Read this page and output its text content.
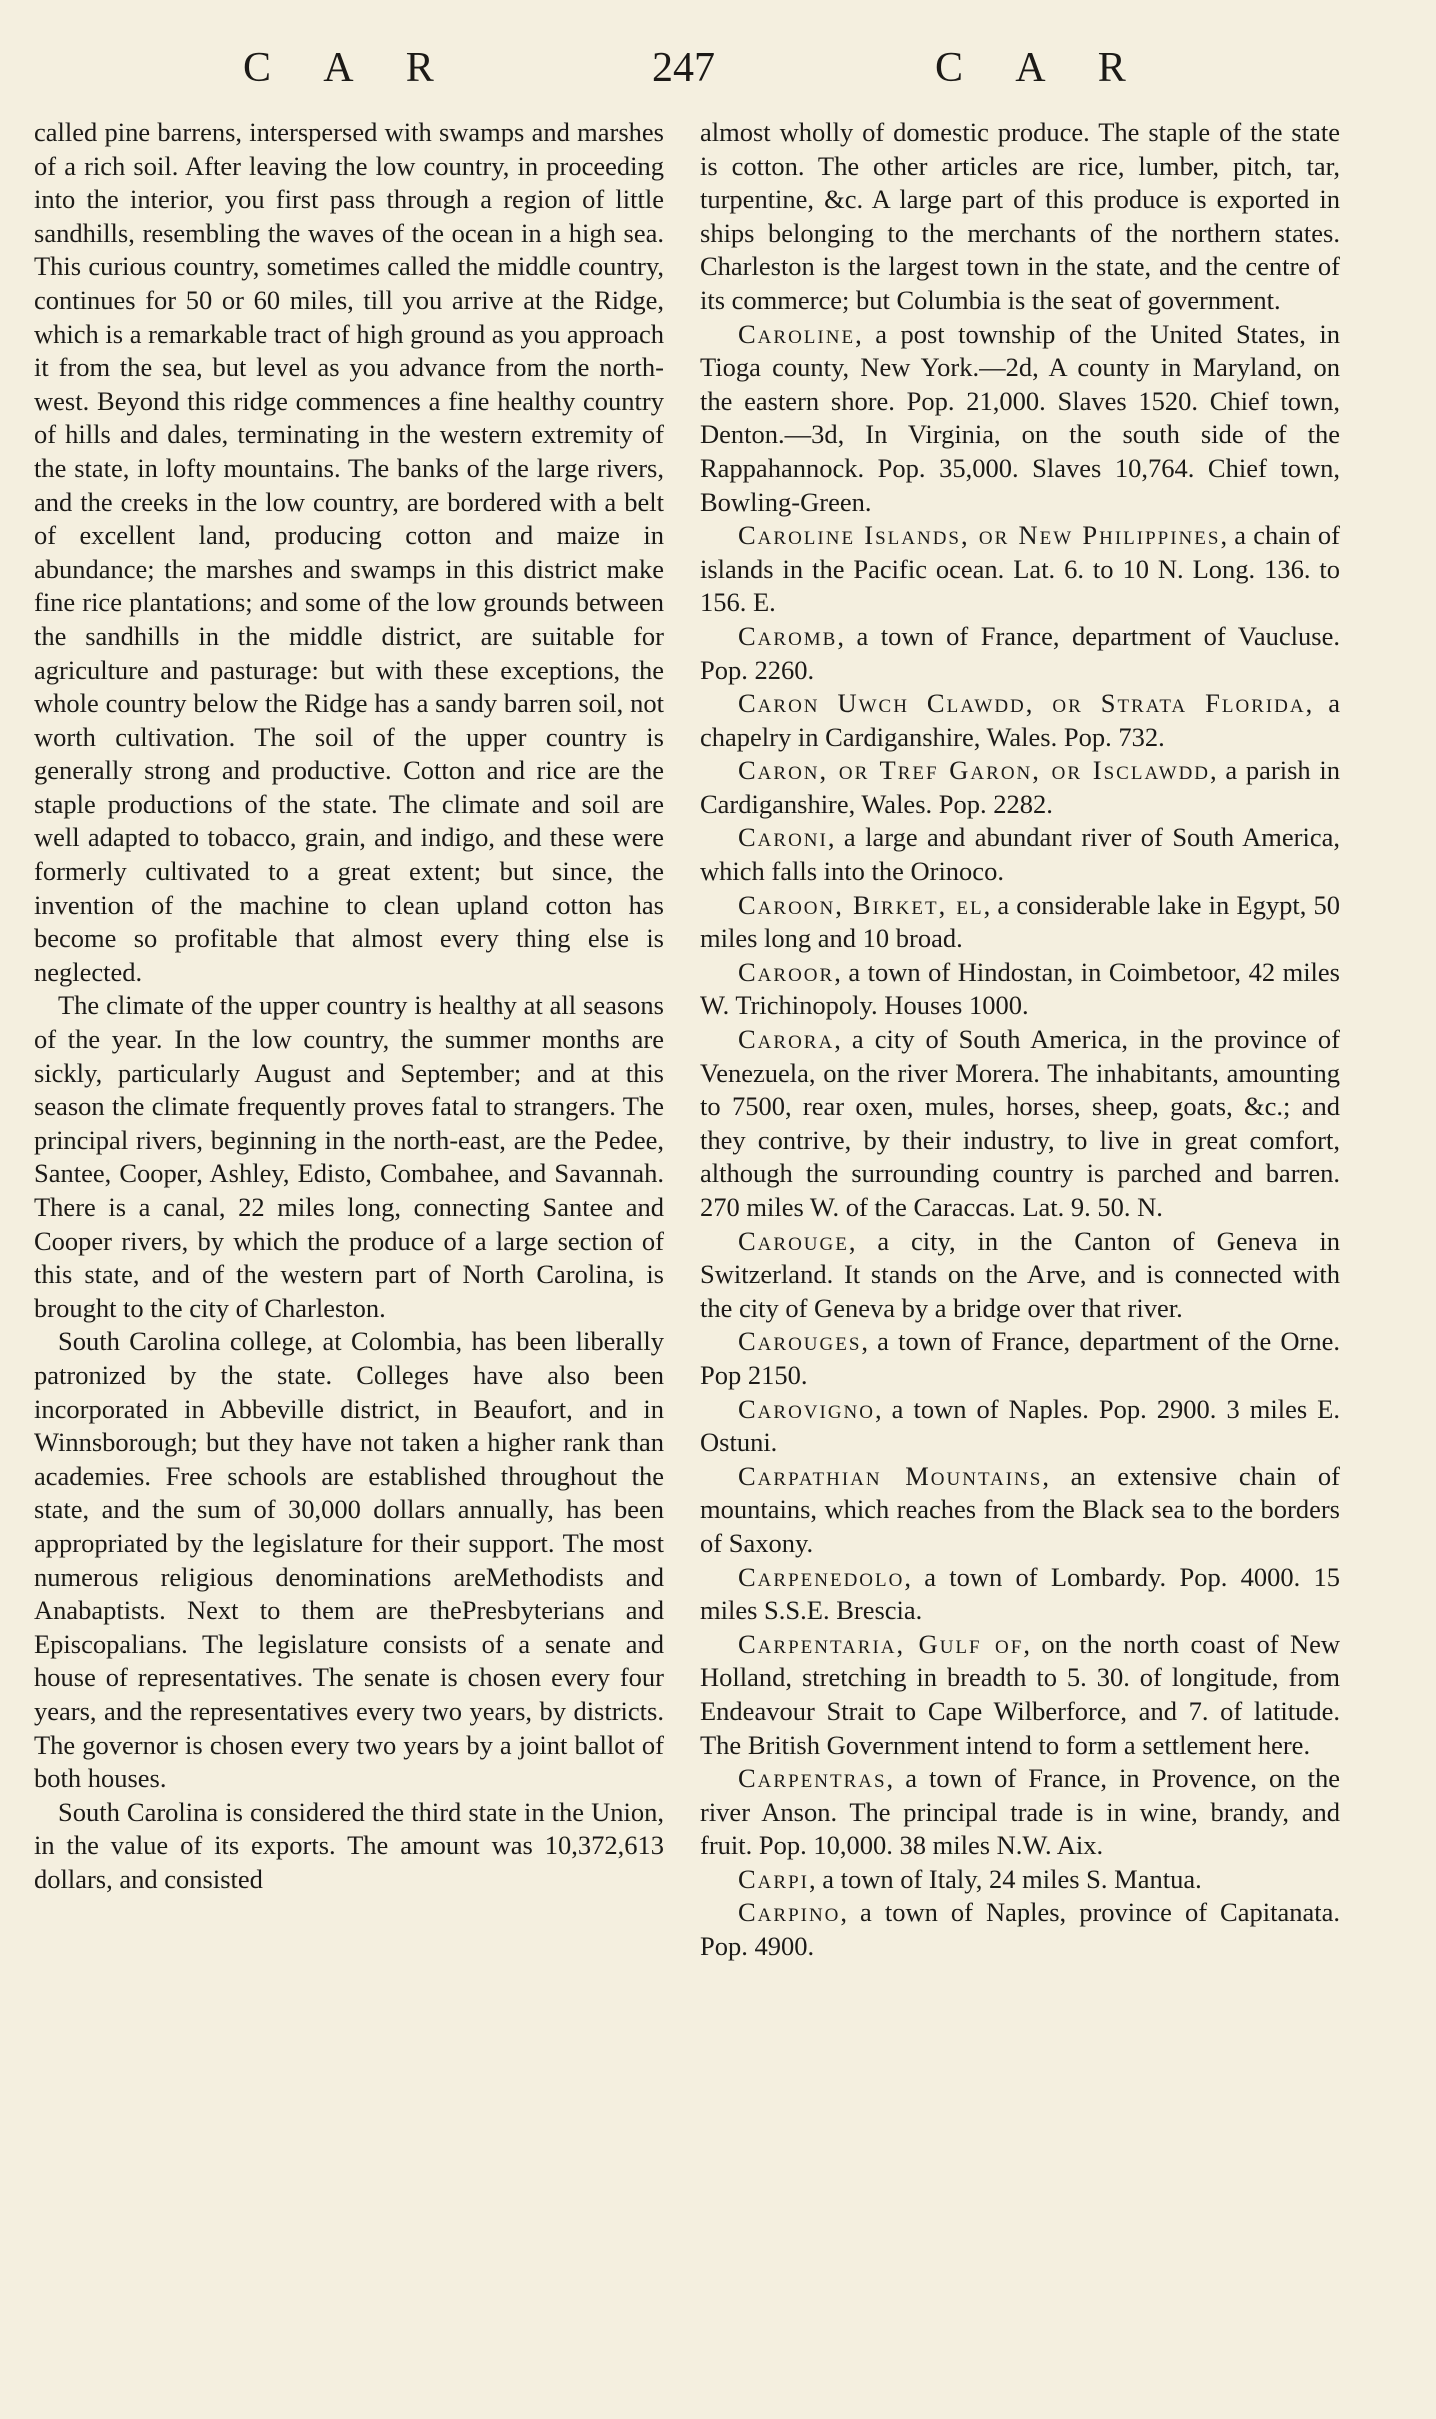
C A R	247	C A R

called pine barrens, interspersed with swamps and marshes of a rich soil. After leaving the low country, in proceeding into the interior, you first pass through a region of little sandhills, resembling the waves of the ocean in a high sea. This curious country, sometimes called the middle country, continues for 50 or 60 miles, till you arrive at the Ridge, which is a remarkable tract of high ground as you approach it from the sea, but level as you advance from the north-west. Beyond this ridge commences a fine healthy country of hills and dales, terminating in the western extremity of the state, in lofty mountains. The banks of the large rivers, and the creeks in the low country, are bordered with a belt of excellent land, producing cotton and maize in abundance; the marshes and swamps in this district make fine rice plantations; and some of the low grounds between the sandhills in the middle district, are suitable for agriculture and pasturage: but with these exceptions, the whole country below the Ridge has a sandy barren soil, not worth cultivation. The soil of the upper country is generally strong and productive. Cotton and rice are the staple productions of the state. The climate and soil are well adapted to tobacco, grain, and indigo, and these were formerly cultivated to a great extent; but since, the invention of the machine to clean upland cotton has become so profitable that almost every thing else is neglected.

The climate of the upper country is healthy at all seasons of the year. In the low country, the summer months are sickly, particularly August and September; and at this season the climate frequently proves fatal to strangers. The principal rivers, beginning in the north-east, are the Pedee, Santee, Cooper, Ashley, Edisto, Combahee, and Savannah. There is a canal, 22 miles long, connecting Santee and Cooper rivers, by which the produce of a large section of this state, and of the western part of North Carolina, is brought to the city of Charleston.

South Carolina college, at Colombia, has been liberally patronized by the state. Colleges have also been incorporated in Abbeville district, in Beaufort, and in Winnsborough; but they have not taken a higher rank than academies. Free schools are established throughout the state, and the sum of 30,000 dollars annually, has been appropriated by the legislature for their support. The most numerous religious denominations areMethodists and Anabaptists. Next to them are thePresbyterians and Episcopalians. The legislature consists of a senate and house of representatives. The senate is chosen every four years, and the representatives every two years, by districts. The governor is chosen every two years by a joint ballot of both houses.

South Carolina is considered the third state in the Union, in the value of its exports. The amount was 10,372,613 dollars, and consisted

almost wholly of domestic produce. The staple of the state is cotton. The other articles are rice, lumber, pitch, tar, turpentine, &c. A large part of this produce is exported in ships belonging to the merchants of the northern states. Charleston is the largest town in the state, and the centre of its commerce; but Columbia is the seat of government.

Caroline, a post township of the United States, in Tioga county, New York.—2d, A county in Maryland, on the eastern shore. Pop. 21,000. Slaves 1520. Chief town, Denton.—3d, In Virginia, on the south side of the Rappahannock. Pop. 35,000. Slaves 10,764. Chief town, Bowling-Green.

Caroline Islands, or New Philippines, a chain of islands in the Pacific ocean. Lat. 6. to 10 N. Long. 136. to 156. E.

Caromb, a town of France, department of Vaucluse. Pop. 2260.

Caron Uwch Clawdd, or Strata Florida, a chapelry in Cardiganshire, Wales. Pop. 732.

Caron, or Tref Garon, or Isclawdd, a parish in Cardiganshire, Wales. Pop. 2282.

Caroni, a large and abundant river of South America, which falls into the Orinoco.

Caroon, Birket, el, a considerable lake in Egypt, 50 miles long and 10 broad.

Caroor, a town of Hindostan, in Coimbetoor, 42 miles W. Trichinopoly. Houses 1000.

Carora, a city of South America, in the province of Venezuela, on the river Morera. The inhabitants, amounting to 7500, rear oxen, mules, horses, sheep, goats, &c.; and they contrive, by their industry, to live in great comfort, although the surrounding country is parched and barren. 270 miles W. of the Caraccas. Lat. 9. 50. N.

Carouge, a city, in the Canton of Geneva in Switzerland. It stands on the Arve, and is connected with the city of Geneva by a bridge over that river.

Carouges, a town of France, department of the Orne. Pop 2150.

Carovigno, a town of Naples. Pop. 2900. 3 miles E. Ostuni.

Carpathian Mountains, an extensive chain of mountains, which reaches from the Black sea to the borders of Saxony.

Carpenedolo, a town of Lombardy. Pop. 4000. 15 miles S.S.E. Brescia.

Carpentaria, Gulf of, on the north coast of New Holland, stretching in breadth to 5. 30. of longitude, from Endeavour Strait to Cape Wilberforce, and 7. of latitude. The British Government intend to form a settlement here.

Carpentras, a town of France, in Provence, on the river Anson. The principal trade is in wine, brandy, and fruit. Pop. 10,000. 38 miles N.W. Aix.

Carpi, a town of Italy, 24 miles S. Mantua.

Carpino, a town of Naples, province of Capitanata. Pop. 4900.
